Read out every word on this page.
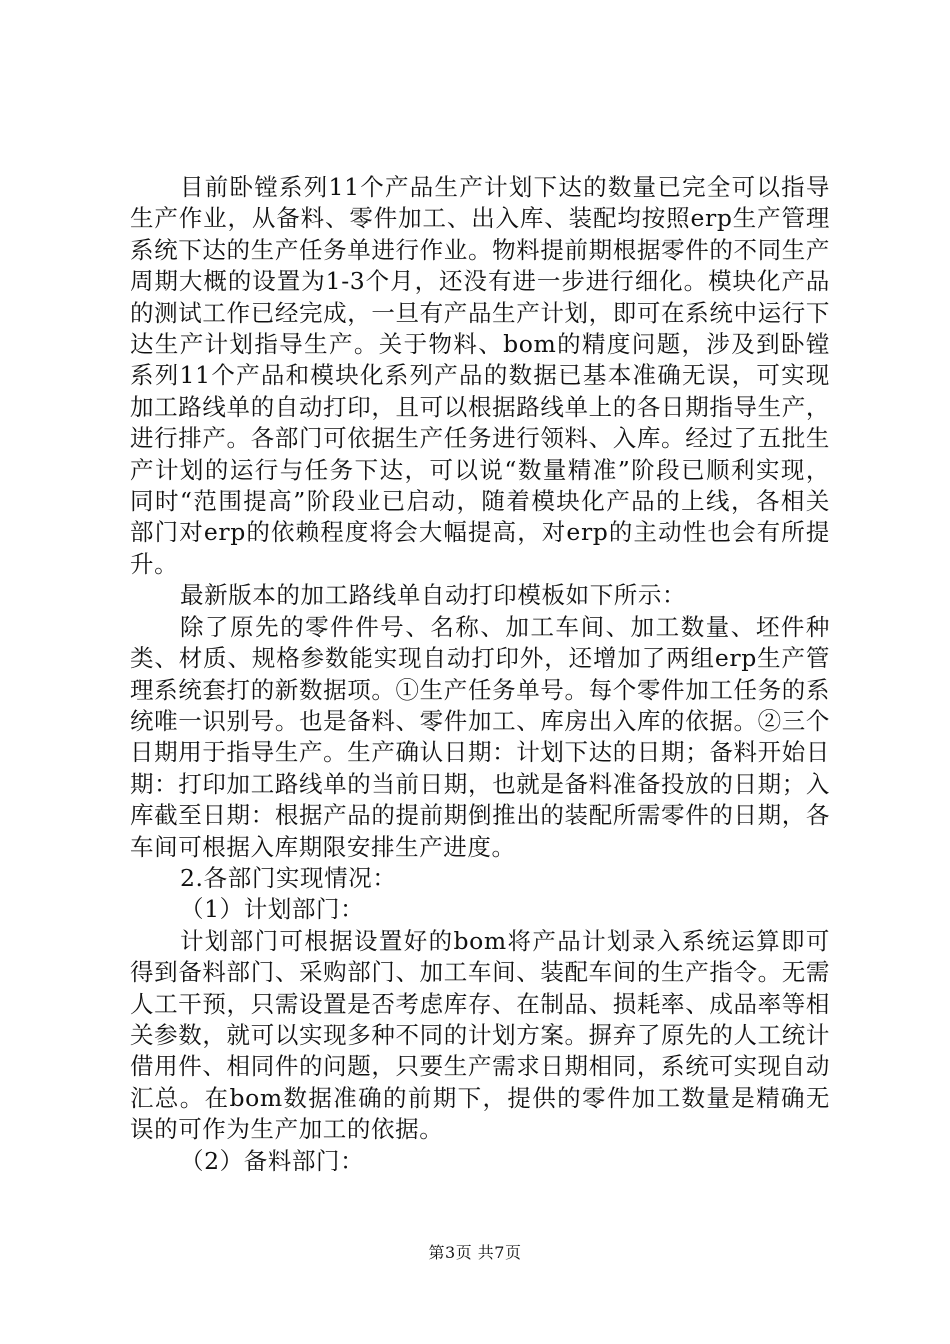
目前卧镗系列11个产品生产计划下达的数量已完全可以指导生产作业，从备料、零件加工、出入库、装配均按照erp生产管理系统下达的生产任务单进行作业。物料提前期根据零件的不同生产周期大概的设置为1-3个月，还没有进一步进行细化。模块化产品的测试工作已经完成，一旦有产品生产计划，即可在系统中运行下达生产计划指导生产。关于物料、bom的精度问题，涉及到卧镗系列11个产品和模块化系列产品的数据已基本准确无误，可实现加工路线单的自动打印，且可以根据路线单上的各日期指导生产，进行排产。各部门可依据生产任务进行领料、入库。经过了五批生产计划的运行与任务下达，可以说“数量精准”阶段已顺利实现，同时“范围提高”阶段业已启动，随着模块化产品的上线，各相关部门对erp的依赖程度将会大幅提高，对erp的主动性也会有所提升。

最新版本的加工路线单自动打印模板如下所示：

除了原先的零件件号、名称、加工车间、加工数量、坯件种类、材质、规格参数能实现自动打印外，还增加了两组erp生产管理系统套打的新数据项。①生产任务单号。每个零件加工任务的系统唯一识别号。也是备料、零件加工、库房出入库的依据。②三个日期用于指导生产。生产确认日期：计划下达的日期；备料开始日期：打印加工路线单的当前日期，也就是备料准备投放的日期；入库截至日期：根据产品的提前期倒推出的装配所需零件的日期，各车间可根据入库期限安排生产进度。

2.各部门实现情况：

（1）计划部门：

计划部门可根据设置好的bom将产品计划录入系统运算即可得到备料部门、采购部门、加工车间、装配车间的生产指令。无需人工干预，只需设置是否考虑库存、在制品、损耗率、成品率等相关参数，就可以实现多种不同的计划方案。摒弃了原先的人工统计借用件、相同件的问题，只要生产需求日期相同，系统可实现自动汇总。在bom数据准确的前期下，提供的零件加工数量是精确无误的可作为生产加工的依据。

（2）备料部门：

第3页 共7页
